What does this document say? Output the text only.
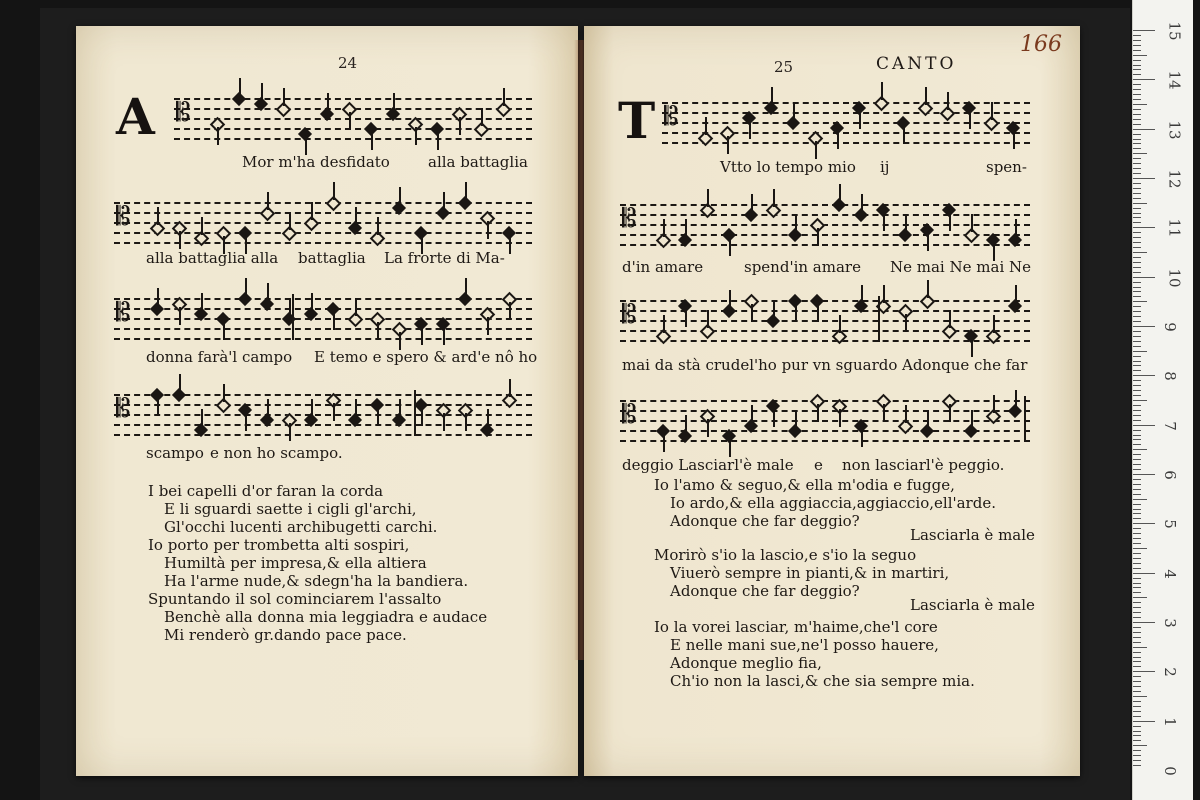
24
A 𝄡
Mor m'ha desfidato	alla battaglia
𝄡
alla battaglia alla battaglia La frorte di Ma-
𝄡
donna farà'l campo E temo e spero & ard'e nô ho
𝄡
scampo e non ho scampo.
I bei capelli d'or faran la corda
E li sguardi saette i cigli gl'archi,
Gl'occhi lucenti archibugetti carchi.
Io porto per trombetta alti sospiri,
Humiltà per impresa,& ella altiera
Ha l'arme nude,& sdegn'ha la bandiera.
Spuntando il sol cominciarem l'assalto
Benchè alla donna mia leggiadra e audace
Mi renderò gr.dando pace pace.
25	CANTO
166
T 𝄡
Vtto lo tempo mio ij	spen-
𝄡
d'in amare	spend'in amare Ne mai Ne mai Ne
𝄡
mai da stà crudel'ho pur vn sguardo Adonque che far
𝄡
deggio Lasciarl'è male e non lasciarl'è peggio.
Io l'amo & seguo,& ella m'odia e fugge,
Io ardo,& ella aggiaccia,aggiaccio,ell'arde.
Adonque che far deggio?
Lasciarla è male
Morirò s'io la lascio,e s'io la seguo
Viuerò sempre in pianti,& in martiri,
Adonque che far deggio?
Lasciarla è male
Io la vorei lasciar, m'haime,che'l core
E nelle mani sue,ne'l posso hauere,
Adonque meglio fia,
Ch'io non la lasci,& che sia sempre mia.
15
14
13
12
11
10
9
8
7
6
5
4
3
2
1
0
